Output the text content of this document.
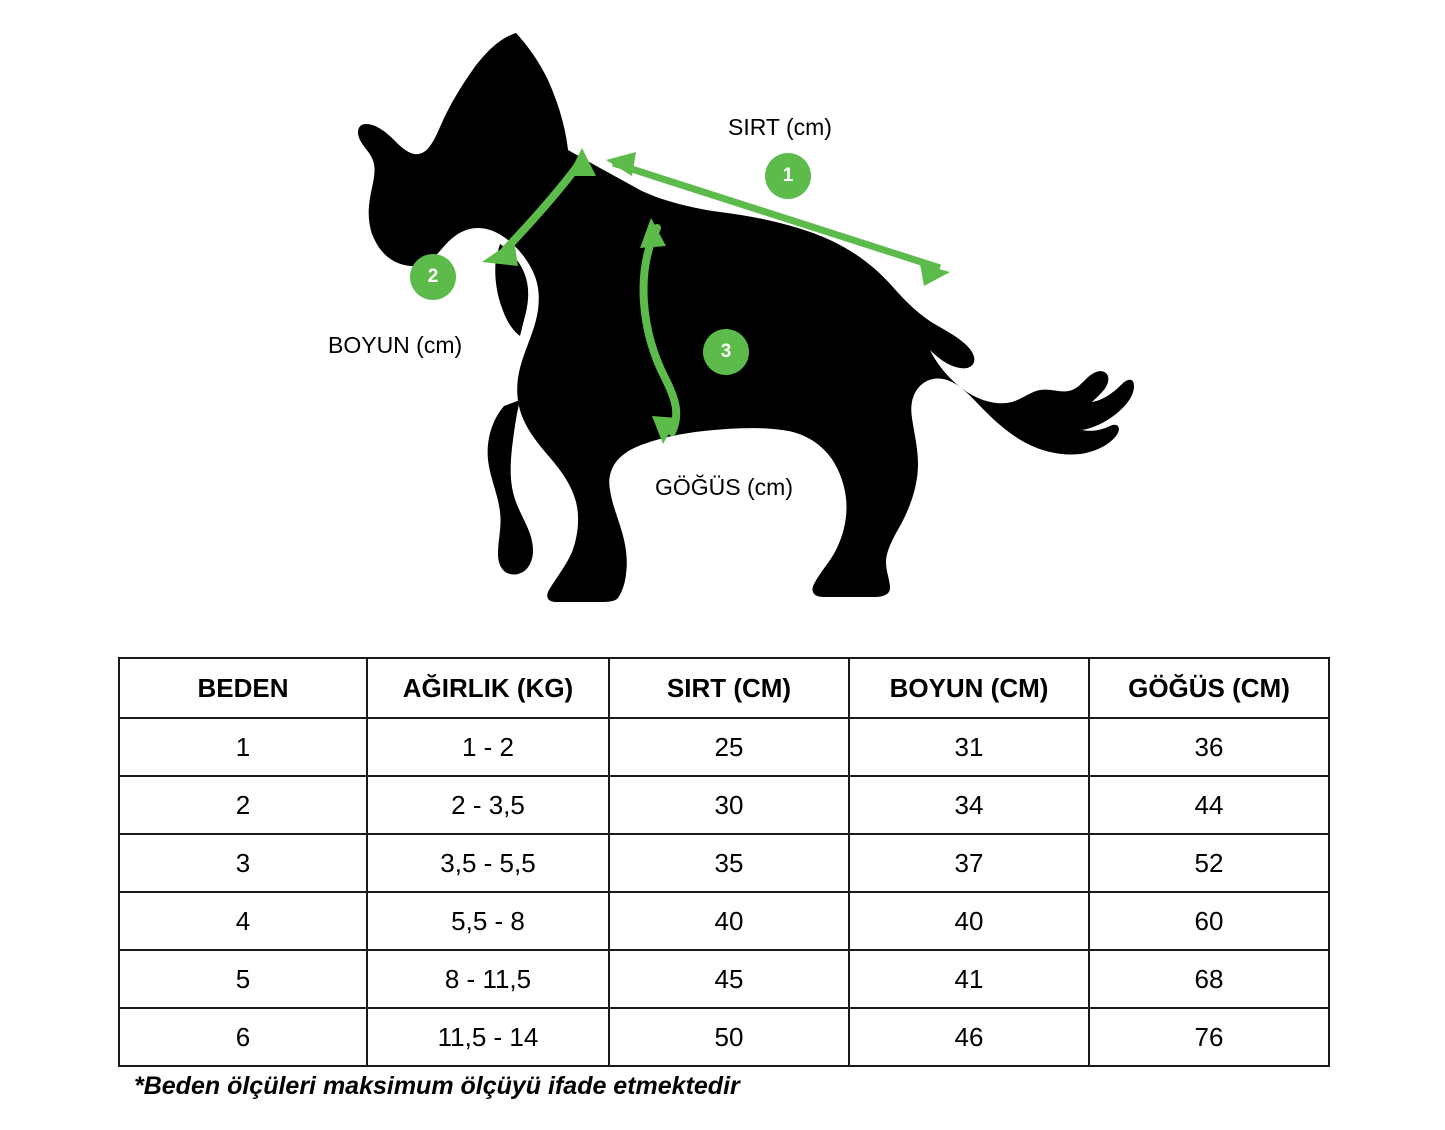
SIRT (cm)
BOYUN (cm)
GÖĞÜS (cm)
1
2
3
BEDEN	AĞIRLIK (KG)	SIRT (CM)	BOYUN (CM)	GÖĞÜS (CM)
1	1 - 2	25	31	36
2	2 - 3,5	30	34	44
3	3,5 - 5,5	35	37	52
4	5,5 - 8	40	40	60
5	8 - 11,5	45	41	68
6	11,5 - 14	50	46	76
*Beden ölçüleri maksimum ölçüyü ifade etmektedir
